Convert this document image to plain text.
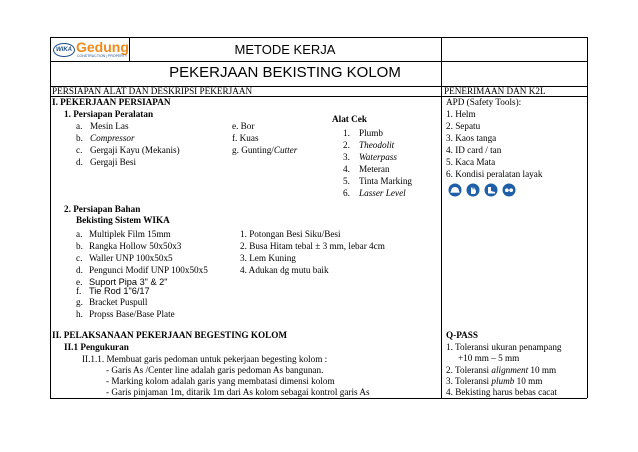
WIKA Gedung
CONSTRUCTION | PROPERTY	METODE KERJA
PEKERJAAN BEKISTING KOLOM
PERSIAPAN ALAT DAN DESKRIPSI PEKERJAAN	PENERIMAAN DAN K2L
I. PEKERJAAN PERSIAPAN
1. Persiapan Peralatan
a. Mesin Las
b. Compressor
c. Gergaji Kayu (Mekanis)
d. Gergaji Besi
e. Bor
f. Kuas
g. Gunting/Cutter
Alat Cek
1. Plumb
2. Theodolit
3. Waterpass
4. Meteran
5. Tinta Marking
6. Lasser Level
2. Persiapan Bahan
Bekisting Sistem WIKA
a. Multiplek Film 15mm
b. Rangka Hollow 50x50x3
c. Waller UNP 100x50x5
d. Pengunci Modif UNP 100x50x5
e. Suport Pipa 3" & 2"
f. Tie Rod 1"6/17
g. Bracket Puspull
h. Propss Base/Base Plate
1. Potongan Besi Siku/Besi
2. Busa Hitam tebal ± 3 mm, lebar 4cm
3. Lem Kuning
4. Adukan dg mutu baik
APD (Safety Tools):
1. Helm
2. Sepatu
3. Kaos tanga
4. ID card / tan
5. Kaca Mata
6. Kondisi peralatan layak
II. PELAKSANAAN PEKERJAAN BEGESTING KOLOM
II.1 Pengukuran
II.1.1. Membuat garis pedoman untuk pekerjaan begesting kolom :
- Garis As /Center line adalah garis pedoman As bangunan.
- Marking kolom adalah garis yang membatasi dimensi kolom
- Garis pinjaman 1m, ditarik 1m dari As kolom sebagai kontrol garis As
Q-PASS
1. Toleransi ukuran penampang
+10 mm – 5 mm
2. Toleransi alignment 10 mm
3. Toleransi plumb 10 mm
4. Bekisting harus bebas cacat
